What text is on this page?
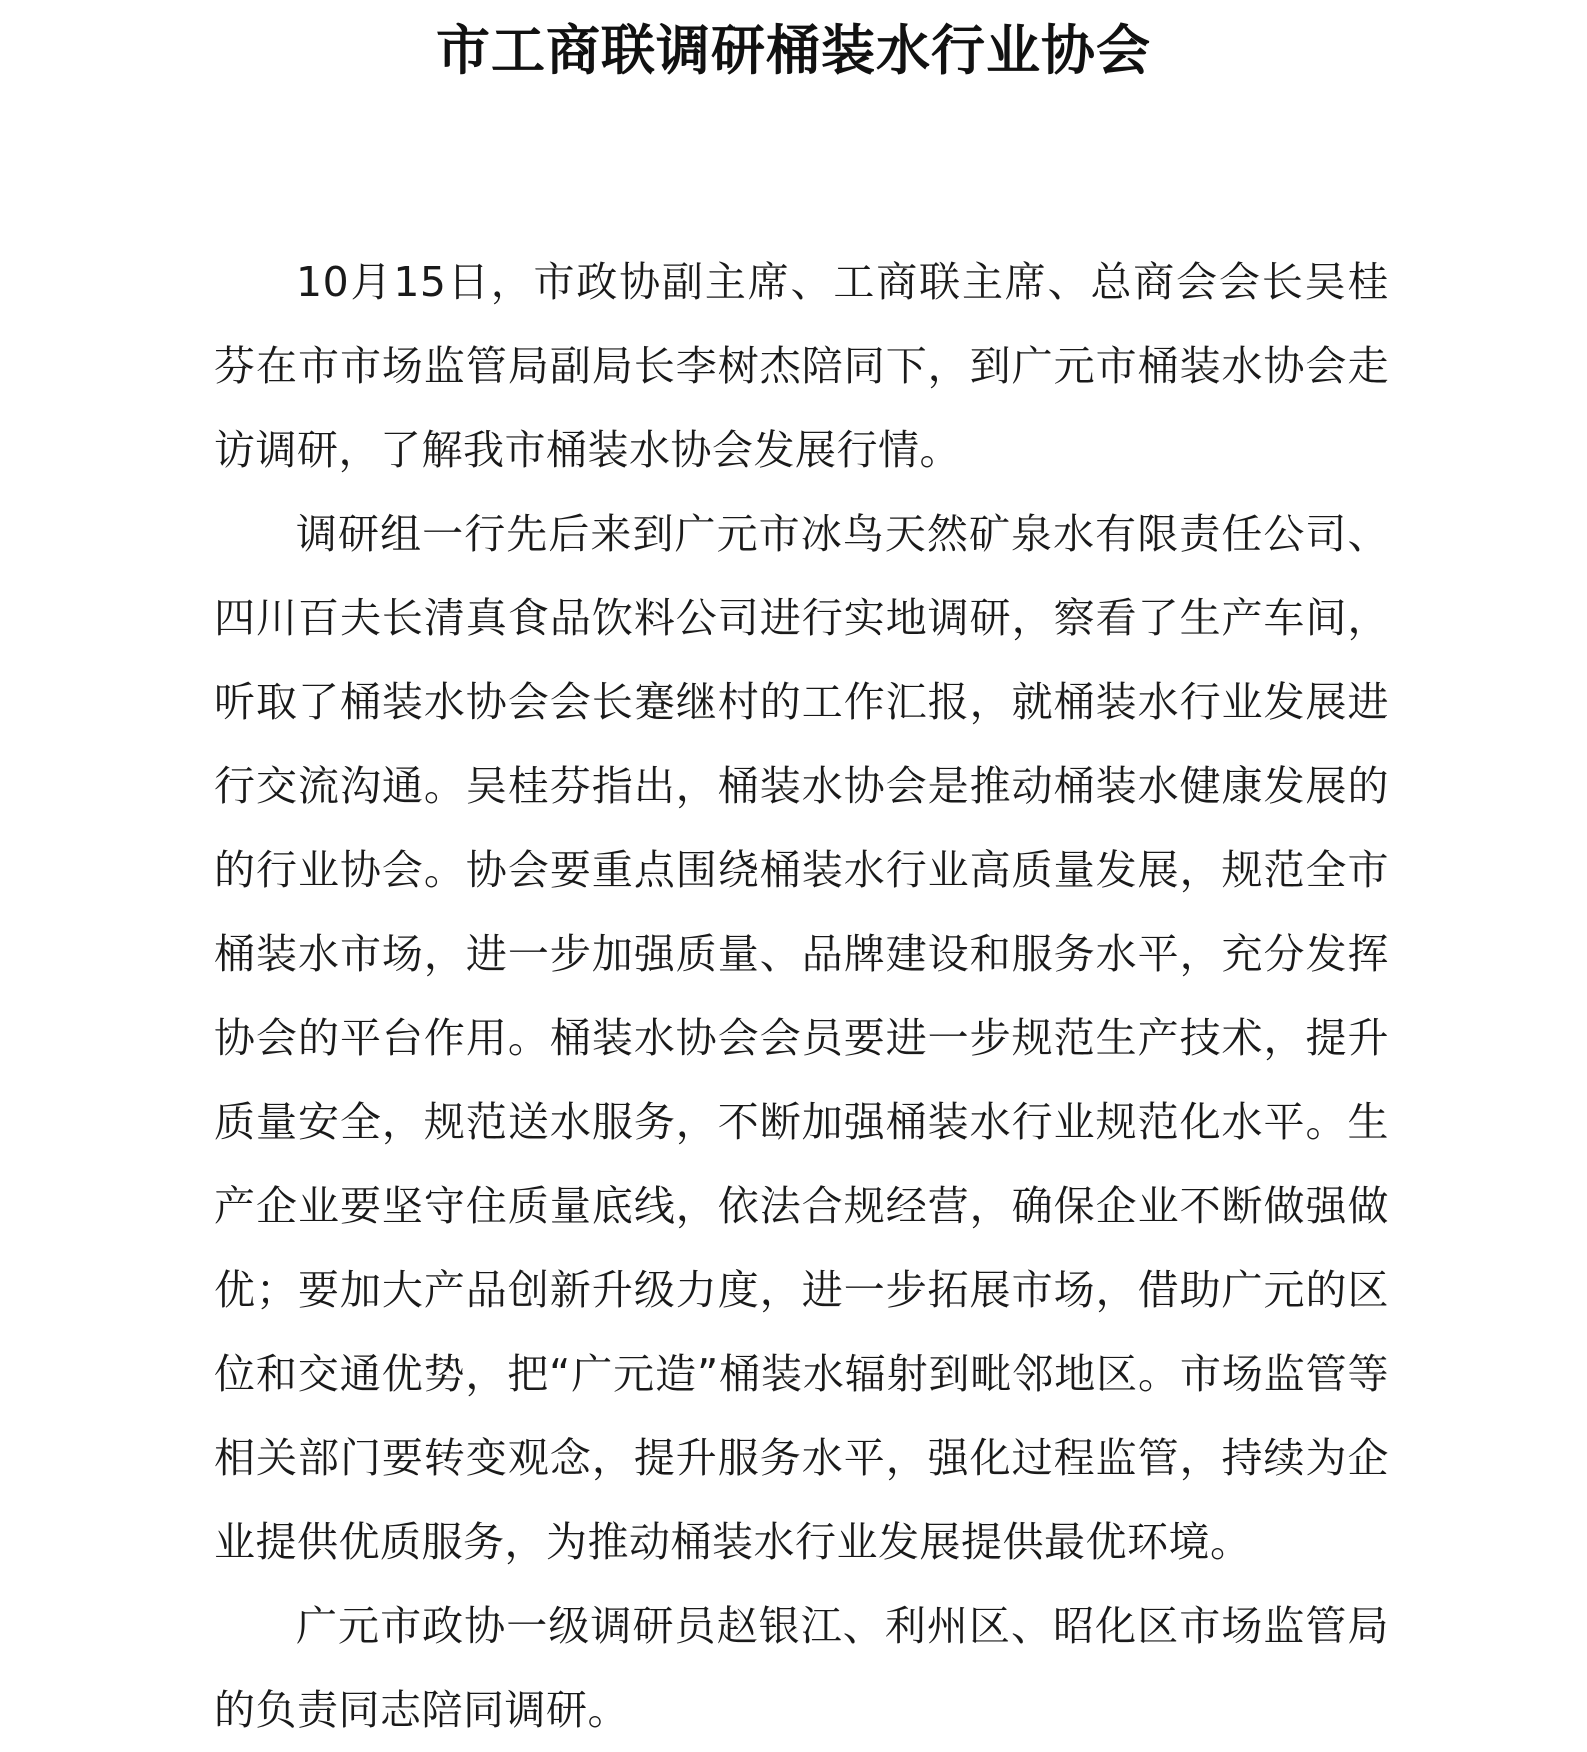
市工商联调研桶装水行业协会

10月15日，市政协副主席、工商联主席、总商会会长吴桂芬在市市场监管局副局长李树杰陪同下，到广元市桶装水协会走访调研，了解我市桶装水协会发展行情。

调研组一行先后来到广元市冰鸟天然矿泉水有限责任公司、四川百夫长清真食品饮料公司进行实地调研，察看了生产车间，听取了桶装水协会会长蹇继村的工作汇报，就桶装水行业发展进行交流沟通。吴桂芬指出，桶装水协会是推动桶装水健康发展的的行业协会。协会要重点围绕桶装水行业高质量发展，规范全市桶装水市场，进一步加强质量、品牌建设和服务水平，充分发挥协会的平台作用。桶装水协会会员要进一步规范生产技术，提升质量安全，规范送水服务，不断加强桶装水行业规范化水平。生产企业要坚守住质量底线，依法合规经营，确保企业不断做强做优；要加大产品创新升级力度，进一步拓展市场，借助广元的区位和交通优势，把“广元造”桶装水辐射到毗邻地区。市场监管等相关部门要转变观念，提升服务水平，强化过程监管，持续为企业提供优质服务，为推动桶装水行业发展提供最优环境。

广元市政协一级调研员赵银江、利州区、昭化区市场监管局的负责同志陪同调研。
